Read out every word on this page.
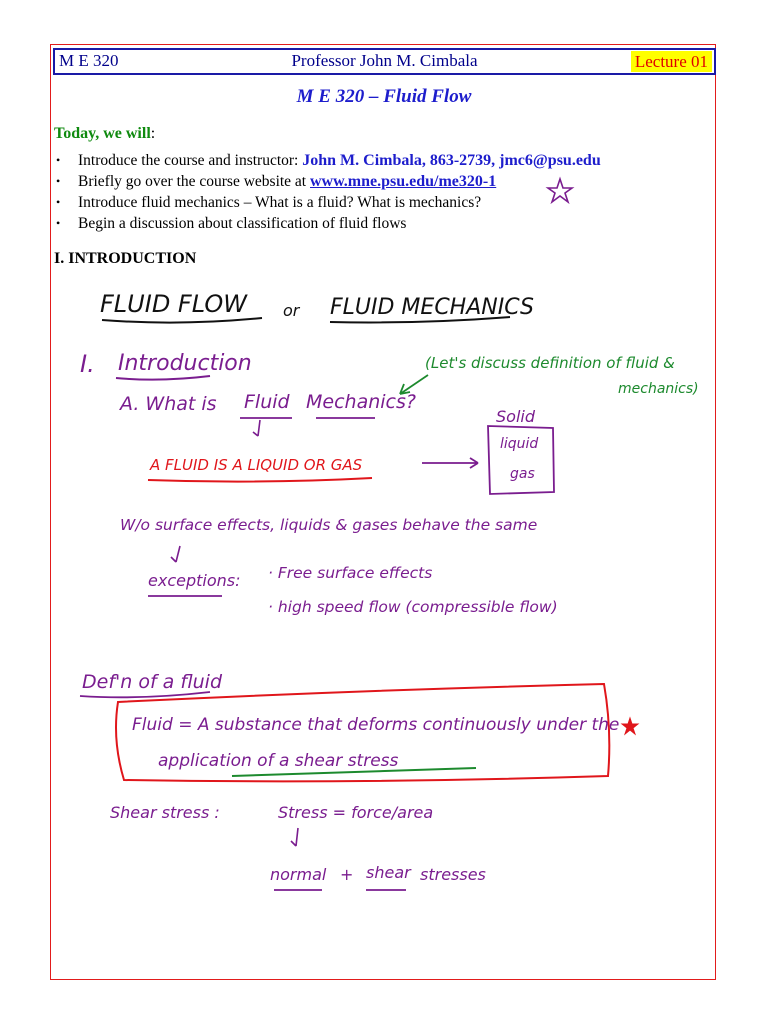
M E 320	Professor John M. Cimbala	Lecture 01
M E 320 – Fluid Flow
Today, we will:
• Introduce the course and instructor: John M. Cimbala, 863-2739, jmc6@psu.edu
• Briefly go over the course website at www.mne.psu.edu/me320-1
• Introduce fluid mechanics – What is a fluid? What is mechanics?
• Begin a discussion about classification of fluid flows
I. INTRODUCTION
FLUID FLOW or FLUID MECHANICS
I. Introduction	(Let's discuss definition of fluid &
mechanics)
A. What is Fluid Mechanics?
Solid
liquid
gas
A FLUID IS A LIQUID OR GAS
W/o surface effects, liquids & gases behave the same
exceptions: · Free surface effects
· high speed flow (compressible flow)
Def'n of a fluid
Fluid = A substance that deforms continuously under the
application of a shear stress
Shear stress :	Stress = force/area
normal + shear stresses
